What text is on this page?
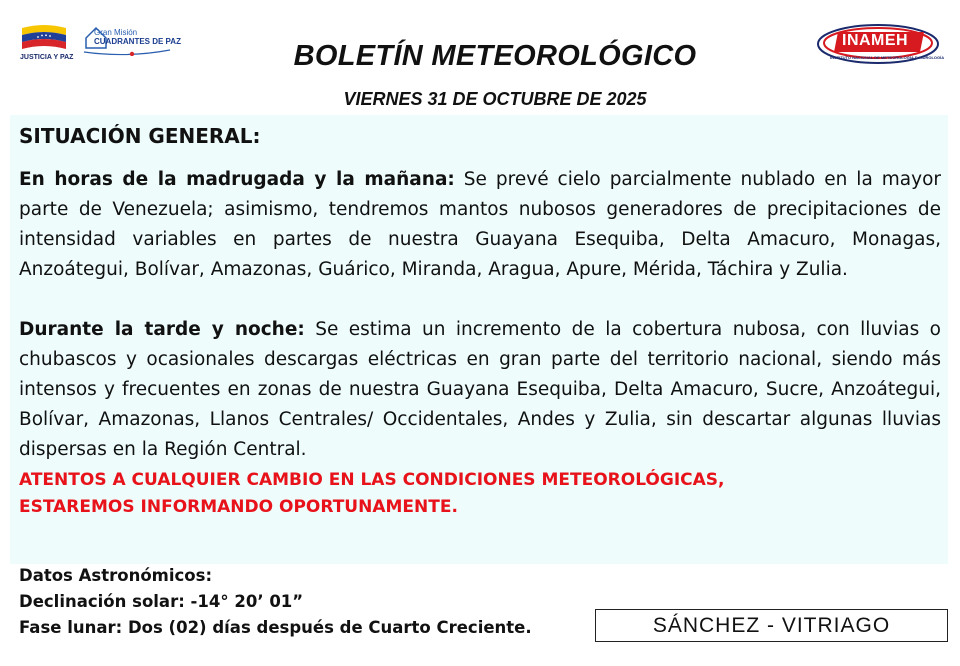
JUSTICIA Y PAZ
Gran Misión
CUADRANTES DE PAZ	INAMEH
INSTITUTO NACIONAL DE METEOROLOGÍA E HIDROLOGÍA
BOLETÍN METEOROLÓGICO
VIERNES 31 DE OCTUBRE DE 2025

SITUACIÓN GENERAL:

En horas de la madrugada y la mañana: Se prevé cielo parcialmente nublado en la mayor parte de Venezuela; asimismo, tendremos mantos nubosos generadores de precipitaciones de intensidad variables en partes de nuestra Guayana Esequiba, Delta Amacuro, Monagas, Anzoátegui, Bolívar, Amazonas, Guárico, Miranda, Aragua, Apure, Mérida, Táchira y Zulia.

Durante la tarde y noche: Se estima un incremento de la cobertura nubosa, con lluvias o chubascos y ocasionales descargas eléctricas en gran parte del territorio nacional, siendo más intensos y frecuentes en zonas de nuestra Guayana Esequiba, Delta Amacuro, Sucre, Anzoátegui, Bolívar, Amazonas, Llanos Centrales/ Occidentales, Andes y Zulia, sin descartar algunas lluvias dispersas en la Región Central.

ATENTOS A CUALQUIER CAMBIO EN LAS CONDICIONES METEOROLÓGICAS,
ESTAREMOS INFORMANDO OPORTUNAMENTE.
Datos Astronómicos:
Declinación solar: -14° 20’ 01”
Fase lunar: Dos (02) días después de Cuarto Creciente.	SÁNCHEZ - VITRIAGO
